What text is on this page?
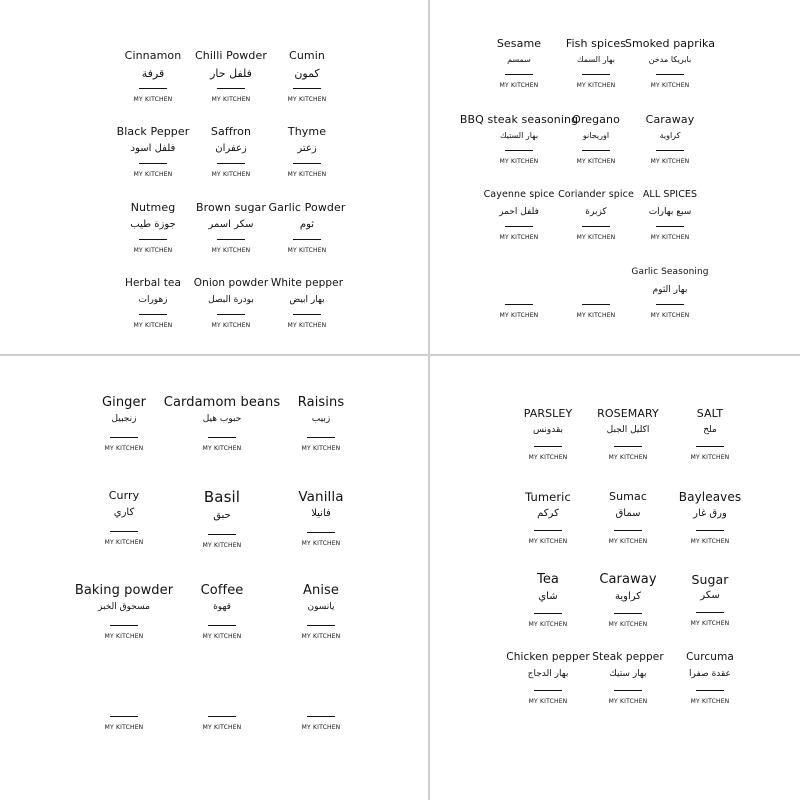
Cinnamon
قرفة
MY KITCHEN
Chilli Powder
فلفل حار
MY KITCHEN
Cumin
كمون
MY KITCHEN
Black Pepper
فلفل اسود
MY KITCHEN
Saffron
زعفران
MY KITCHEN
Thyme
زعتر
MY KITCHEN
Nutmeg
جوزة طيب
MY KITCHEN
Brown sugar
سكر اسمر
MY KITCHEN
Garlic Powder
ثوم
MY KITCHEN
Herbal tea
زهورات
MY KITCHEN
Onion powder
بودرة البصل
MY KITCHEN
White pepper
بهار ابيض
MY KITCHEN
Sesame
سمسم
MY KITCHEN
Fish spices
بهار السمك
MY KITCHEN
Smoked paprika
بابريكا مدخن
MY KITCHEN
BBQ steak seasoning
بهار الستيك
MY KITCHEN
Oregano
اوريجانو
MY KITCHEN
Caraway
كراوية
MY KITCHEN
Cayenne spice
فلفل احمر
MY KITCHEN
Coriander spice
كزبرة
MY KITCHEN
ALL SPICES
سبع بهارات
MY KITCHEN
MY KITCHEN	MY KITCHEN
Garlic Seasoning
بهار الثوم
MY KITCHEN
Ginger
زنجبيل
MY KITCHEN
Cardamom beans
حبوب هيل
MY KITCHEN
Raisins
زبيب
MY KITCHEN
Curry
كاري
MY KITCHEN
Basil
حبق
MY KITCHEN
Vanilla
فانيلا
MY KITCHEN
Baking powder
مسحوق الخبز
MY KITCHEN
Coffee
قهوة
MY KITCHEN
Anise
يانسون
MY KITCHEN
MY KITCHEN	MY KITCHEN	MY KITCHEN
PARSLEY
بقدونس
MY KITCHEN
ROSEMARY
اكليل الجبل
MY KITCHEN
SALT
ملح
MY KITCHEN
Tumeric
كركم
MY KITCHEN
Sumac
سماق
MY KITCHEN
Bayleaves
ورق غار
MY KITCHEN
Tea
شاي
MY KITCHEN
Caraway
كراوية
MY KITCHEN
Sugar
سكر
MY KITCHEN
Chicken pepper
بهار الدجاج
MY KITCHEN
Steak pepper
بهار ستيك
MY KITCHEN
Curcuma
عقدة صفرا
MY KITCHEN
